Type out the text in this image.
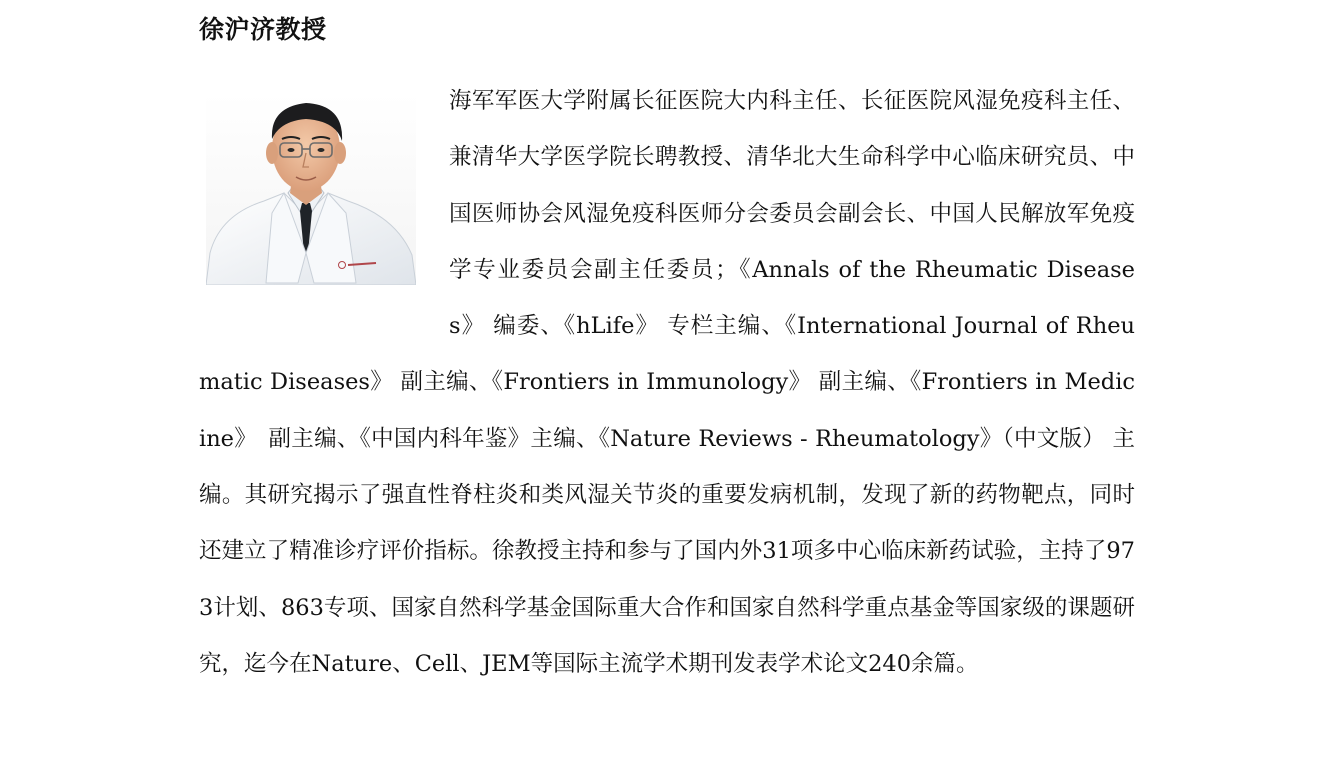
徐沪济教授
海军军医大学附属长征医院大内科主任、长征医院风湿免疫科主任、兼清华大学医学院长聘教授、清华北大生命科学中心临床研究员、中国医师协会风湿免疫科医师分会委员会副会长、中国人民解放军免疫学专业委员会副主任委员；《Annals of the Rheumatic Diseases》 编委、《hLife》 专栏主编、《International Journal of Rheumatic Diseases》 副主编、《Frontiers in Immunology》 副主编、《Frontiers in Medicine》　副主编、《中国内科年鉴》主编、《Nature Reviews - Rheumatology》（中文版） 主编。其研究揭示了强直性脊柱炎和类风湿关节炎的重要发病机制，发现了新的药物靶点，同时还建立了精准诊疗评价指标。徐教授主持和参与了国内外31项多中心临床新药试验，主持了973计划、863专项、国家自然科学基金国际重大合作和国家自然科学重点基金等国家级的课题研究，迄今在Nature、Cell、JEM等国际主流学术期刊发表学术论文240余篇。
